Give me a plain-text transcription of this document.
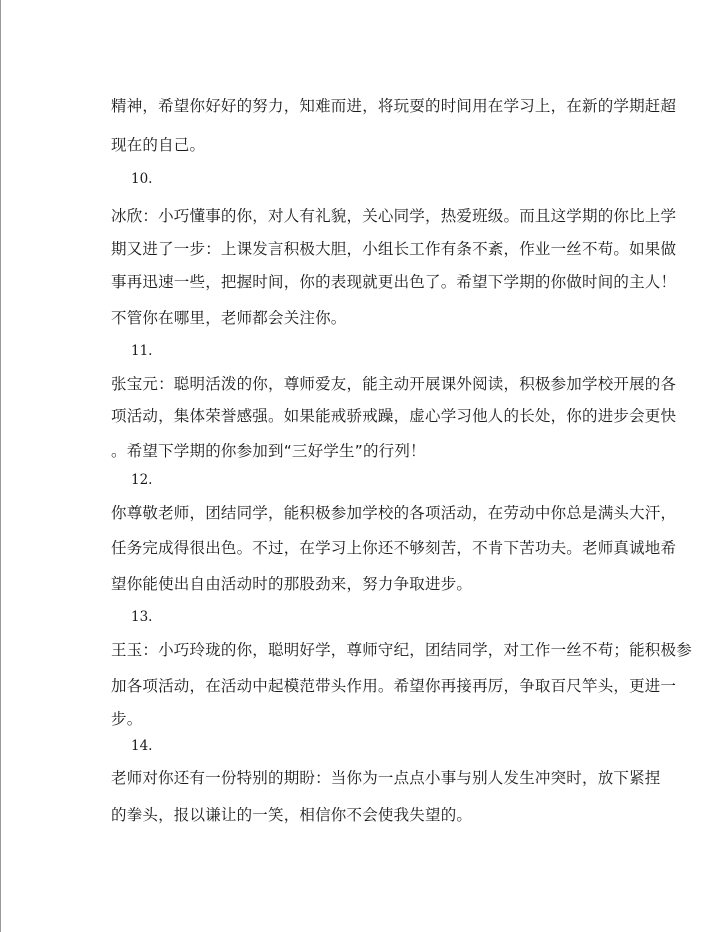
精神，希望你好好的努力，知难而进，将玩耍的时间用在学习上，在新的学期赶超
现在的自己。
10.
冰欣：小巧懂事的你，对人有礼貌，关心同学，热爱班级。而且这学期的你比上学
期又进了一步：上课发言积极大胆，小组长工作有条不紊，作业一丝不苟。如果做
事再迅速一些，把握时间，你的表现就更出色了。希望下学期的你做时间的主人！
不管你在哪里，老师都会关注你。
11.
张宝元：聪明活泼的你，尊师爱友，能主动开展课外阅读，积极参加学校开展的各
项活动，集体荣誉感强。如果能戒骄戒躁，虚心学习他人的长处，你的进步会更快
。希望下学期的你参加到“三好学生”的行列！
12.
你尊敬老师，团结同学，能积极参加学校的各项活动，在劳动中你总是满头大汗，
任务完成得很出色。不过，在学习上你还不够刻苦，不肯下苦功夫。老师真诚地希
望你能使出自由活动时的那股劲来，努力争取进步。
13.
王玉：小巧玲珑的你，聪明好学，尊师守纪，团结同学，对工作一丝不苟；能积极参
加各项活动，在活动中起模范带头作用。希望你再接再厉，争取百尺竿头，更进一
步。
14.
老师对你还有一份特别的期盼：当你为一点点小事与别人发生冲突时，放下紧捏
的拳头，报以谦让的一笑，相信你不会使我失望的。
